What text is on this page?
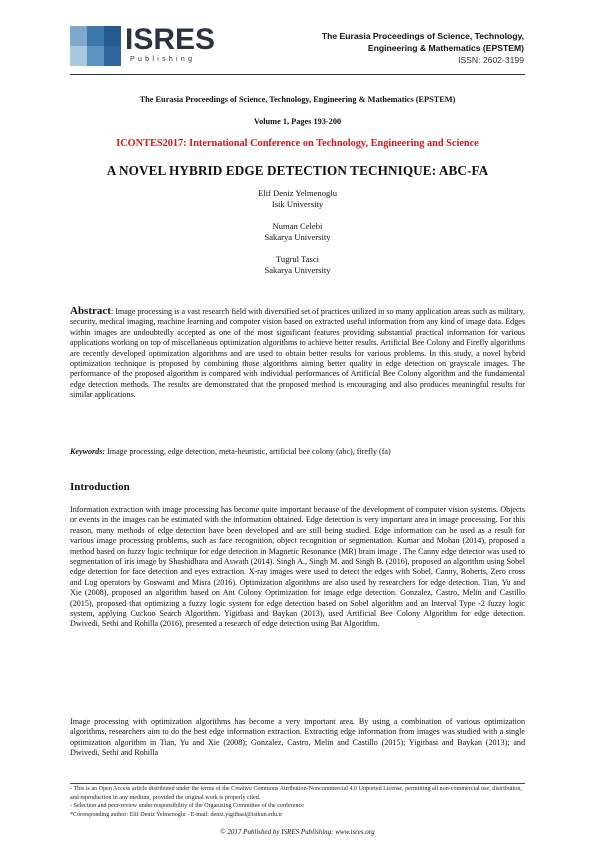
ISRES
Publishing
The Eurasia Proceedings of Science, Technology,
Engineering & Mathematics (EPSTEM)
ISSN: 2602-3199
The Eurasia Proceedings of Science, Technology, Engineering & Mathematics (EPSTEM)
Volume 1, Pages 193-200
ICONTES2017: International Conference on Technology, Engineering and Science
A NOVEL HYBRID EDGE DETECTION TECHNIQUE: ABC-FA
Elif Deniz Yelmenoglu
Isik University
Numan Celebi
Sakarya University
Tugrul Tasci
Sakarya University
Abstract: Image processing is a vast research field with diversified set of practices utilized in so many application areas such as military, security, medical imaging, machine learning and computer vision based on extracted useful information from any kind of image data. Edges within images are undoubtedly accepted as one of the most significant features providing substantial practical information for various applications working on top of miscellaneous optimization algorithms to achieve better results. Artificial Bee Colony and Firefly algorithms are recently developed optimization algorithms and are used to obtain better results for various problems. In this study, a novel hybrid optimization technique is proposed by combining those algorithms aiming better quality in edge detection on grayscale images. The performance of the proposed algorithm is compared with individual performances of Artificial Bee Colony algorithm and the fundamental edge detection methods. The results are demonstrated that the proposed method is encouraging and also produces meaningful results for similar applications.
Keywords: Image processing, edge detection, meta-heuristic, artificial bee colony (abc), firefly (fa)
Introduction
Information extraction with image processing has become quite important because of the development of computer vision systems. Objects or events in the images can be estimated with the information obtained. Edge detection is very important area in image processing. For this reason, many methods of edge detection have been developed and are still being studied. Edge information can be used as a result for various image processing problems, such as face recognition, object recognition or segmentation. Kumar and Mohan (2014), proposed a method based on fuzzy logic technique for edge detection in Magnetic Resonance (MR) brain image . The Canny edge detector was used to segmentation of iris image by Shashidhara and Aswath (2014). Singh A., Singh M. and Singh B. (2016), proposed an algorithm using Sobel edge detection for face detection and eyes extraction. X-ray images were used to detect the edges with Sobel, Canny, Roberts, Zero cross and Log operators by Goswami and Misra (2016). Optimization algorithms are also used by researchers for edge detection. Tian, Yu and Xie (2008), proposed an algorithm based on Ant Colony Optimization for image edge detection. Gonzalez, Castro, Melin and Castillo (2015), proposed that optimizing a fuzzy logic system for edge detection based on Sobel algorithm and an Interval Type -2 fuzzy logic system, applying Cuckoo Search Algorithm. Yigitbasi and Baykan (2013), used Artificial Bee Colony Algorithm for edge detection. Dwivedi, Sethi and Rohilla (2016), presented a research of edge detection using Bat Algorithm.
Image processing with optimization algorithms has become a very important area. By using a combination of various optimization algorithms, researchers aim to do the best edge information extraction. Extracting edge information from images was studied with a single optimization algorithm in Tian, Yu and Xie (2008); Gonzalez, Castro, Melin and Castillo (2015); Yigitbasi and Baykan (2013); and Dwivedi, Sethi and Rohilla
- This is an Open Access article distributed under the terms of the Creative Commons Attribution-Noncommercial 4.0 Unported License, permitting all non-commercial use, distribution, and reproduction in any medium, provided the original work is properly cited.
- Selection and peer-review under responsibility of the Organizing Committee of the conference
*Corresponding author: Elif Deniz Yelmenoglu - E-mail: deniz.yigitbasi@isikun.edu.tr
© 2017 Published by ISRES Publishing: www.isres.org
